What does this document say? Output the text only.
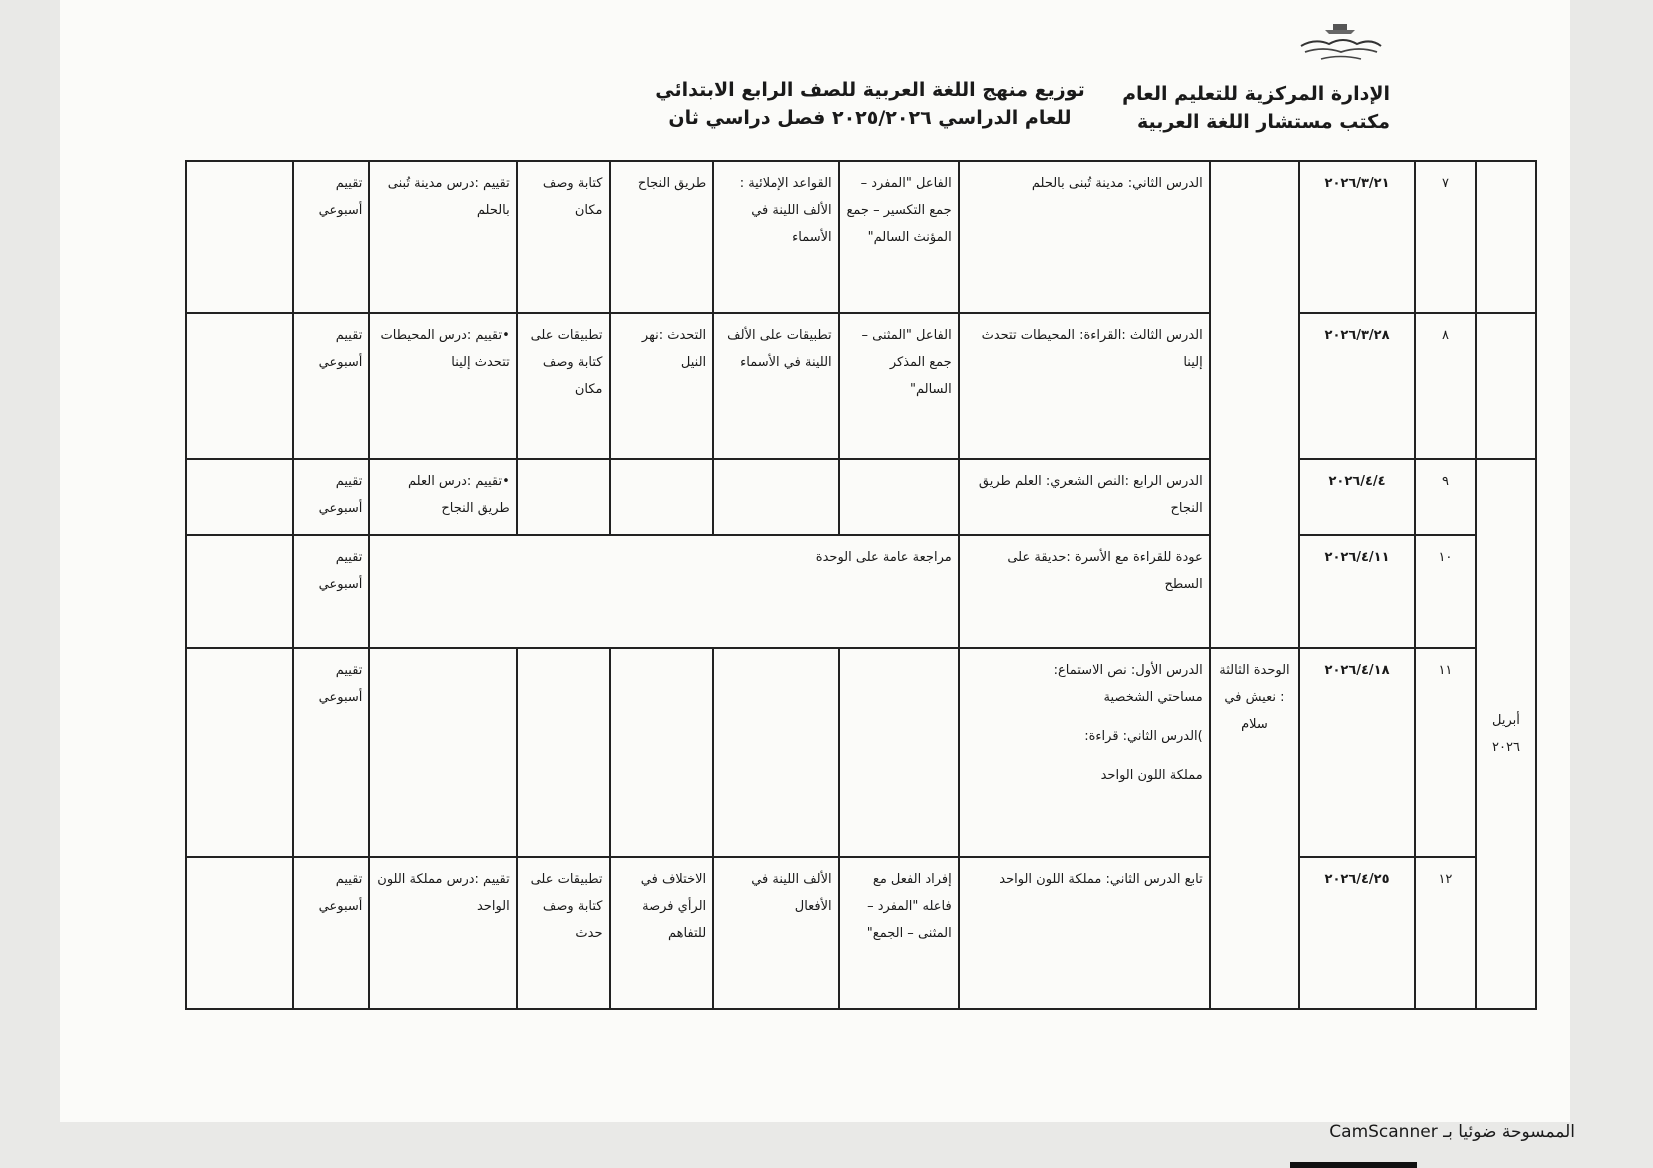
الإدارة المركزية للتعليم العام
مكتب مستشار اللغة العربية
توزيع منهج اللغة العربية للصف الرابع الابتدائي
للعام الدراسي ٢٠٢٥/٢٠٢٦ فصل دراسي ثان
	٧	٢٠٢٦/٣/٢١		الدرس الثاني: مدينة تُبنى بالحلم	الفاعل "المفرد – جمع التكسير – جمع المؤنث السالم"	القواعد الإملائية : الألف اللينة في الأسماء	طريق النجاح	كتابة وصف مكان	تقييم :درس مدينة تُبنى بالحلم	تقييم أسبوعي	
	٨	٢٠٢٦/٣/٢٨		الدرس الثالث :القراءة: المحيطات تتحدث إلينا	الفاعل "المثنى – جمع المذكر السالم"	تطبيقات على الألف اللينة في الأسماء	التحدث :نهر النيل	تطبيقات على كتابة وصف مكان	•تقييم :درس المحيطات تتحدث إلينا	تقييم أسبوعي	
أبريل ٢٠٢٦	٩	٢٠٢٦/٤/٤		الدرس الرابع :النص الشعري: العلم طريق النجاح					•تقييم :درس العلم طريق النجاح	تقييم أسبوعي	
	١٠	٢٠٢٦/٤/١١		عودة للقراءة مع الأسرة :حديقة على السطح	مراجعة عامة على الوحدة					تقييم أسبوعي	
	١١	٢٠٢٦/٤/١٨	الوحدة الثالثة : نعيش في سلام	الدرس الأول: نص الاستماع:
مساحتي الشخصية
)الدرس الثاني: قراءة:
مملكة اللون الواحد						تقييم أسبوعي	
	١٢	٢٠٢٦/٤/٢٥		تابع الدرس الثاني: مملكة اللون الواحد	إفراد الفعل مع فاعله "المفرد – المثنى – الجمع"	الألف اللينة في الأفعال	الاختلاف في الرأي فرصة للتفاهم	تطبيقات على كتابة وصف حدث	تقييم :درس مملكة اللون الواحد	تقييم أسبوعي	
الممسوحة ضوئيا بـ CamScanner
